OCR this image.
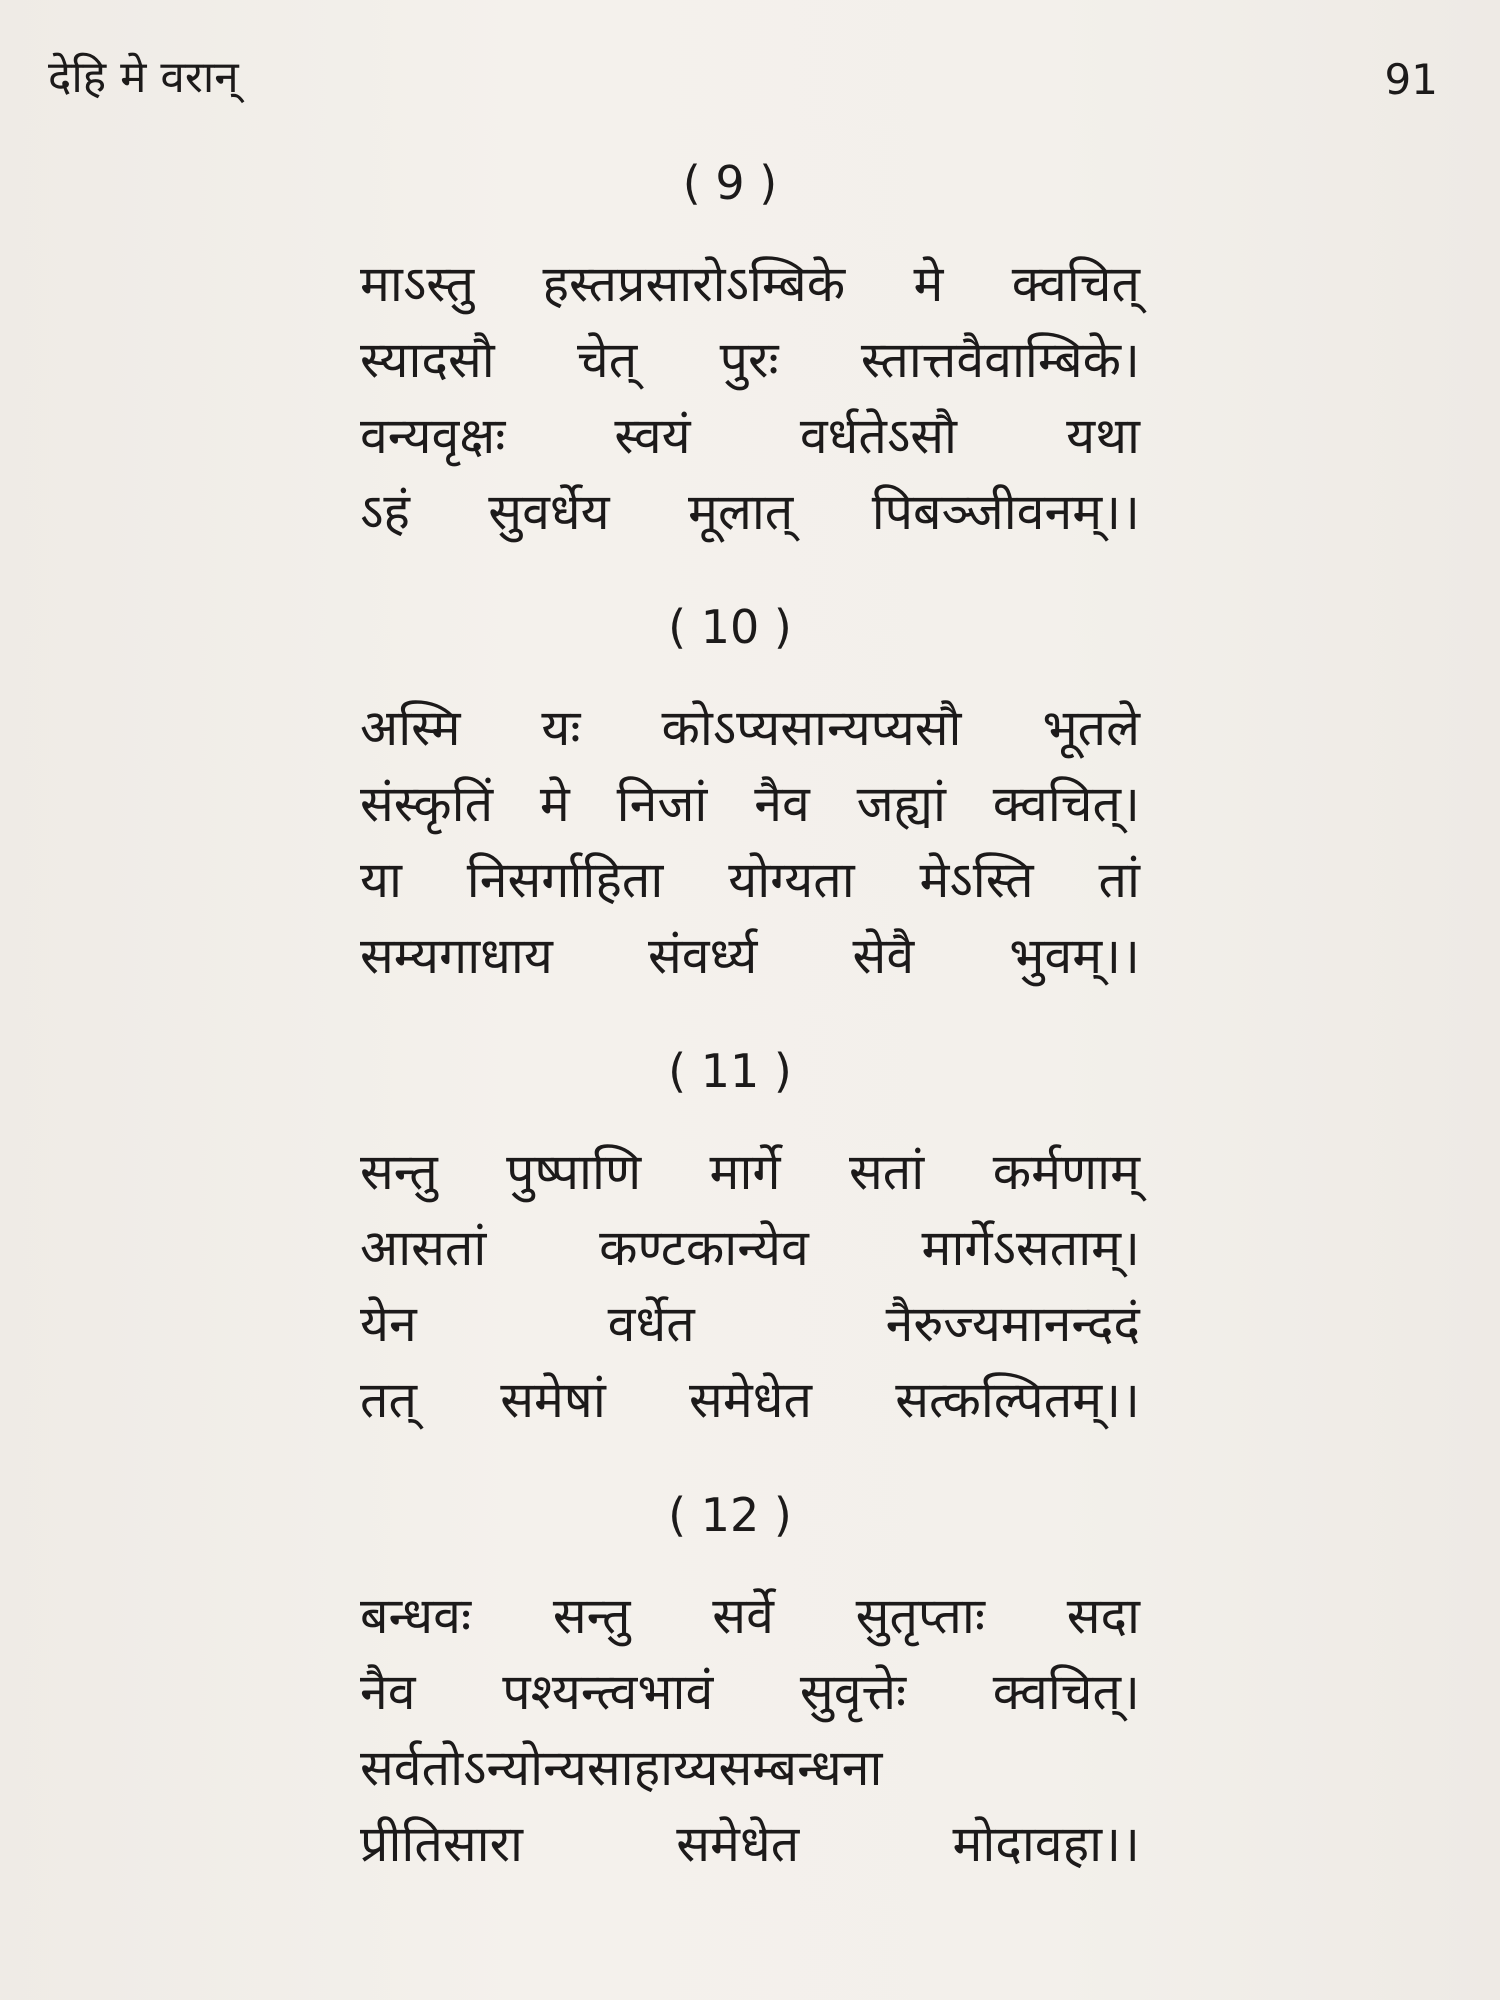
देहि मे वरान्	91
( 9 )
माऽस्तु हस्तप्रसारोऽम्बिके मे क्वचित्
स्यादसौ चेत् पुरः स्तात्तवैवाम्बिके।
वन्यवृक्षः स्वयं वर्धतेऽसौ यथा
ऽहं सुवर्धेय मूलात् पिबञ्जीवनम्।।
( 10 )
अस्मि यः कोऽप्यसान्यप्यसौ भूतले
संस्कृतिं मे निजां नैव जह्यां क्वचित्।
या निसर्गाहिता योग्यता मेऽस्ति तां
सम्यगाधाय संवर्ध्य सेवै भुवम्।।
( 11 )
सन्तु पुष्पाणि मार्गे सतां कर्मणाम्
आसतां कण्टकान्येव मार्गेऽसताम्।
येन वर्धेत नैरुज्यमानन्ददं
तत् समेषां समेधेत सत्कल्पितम्।।
( 12 )
बन्धवः सन्तु सर्वे सुतृप्ताः सदा
नैव पश्यन्त्वभावं सुवृत्तेः क्वचित्।
सर्वतोऽन्योन्यसाहाय्यसम्बन्धना
प्रीतिसारा समेधेत मोदावहा।।
